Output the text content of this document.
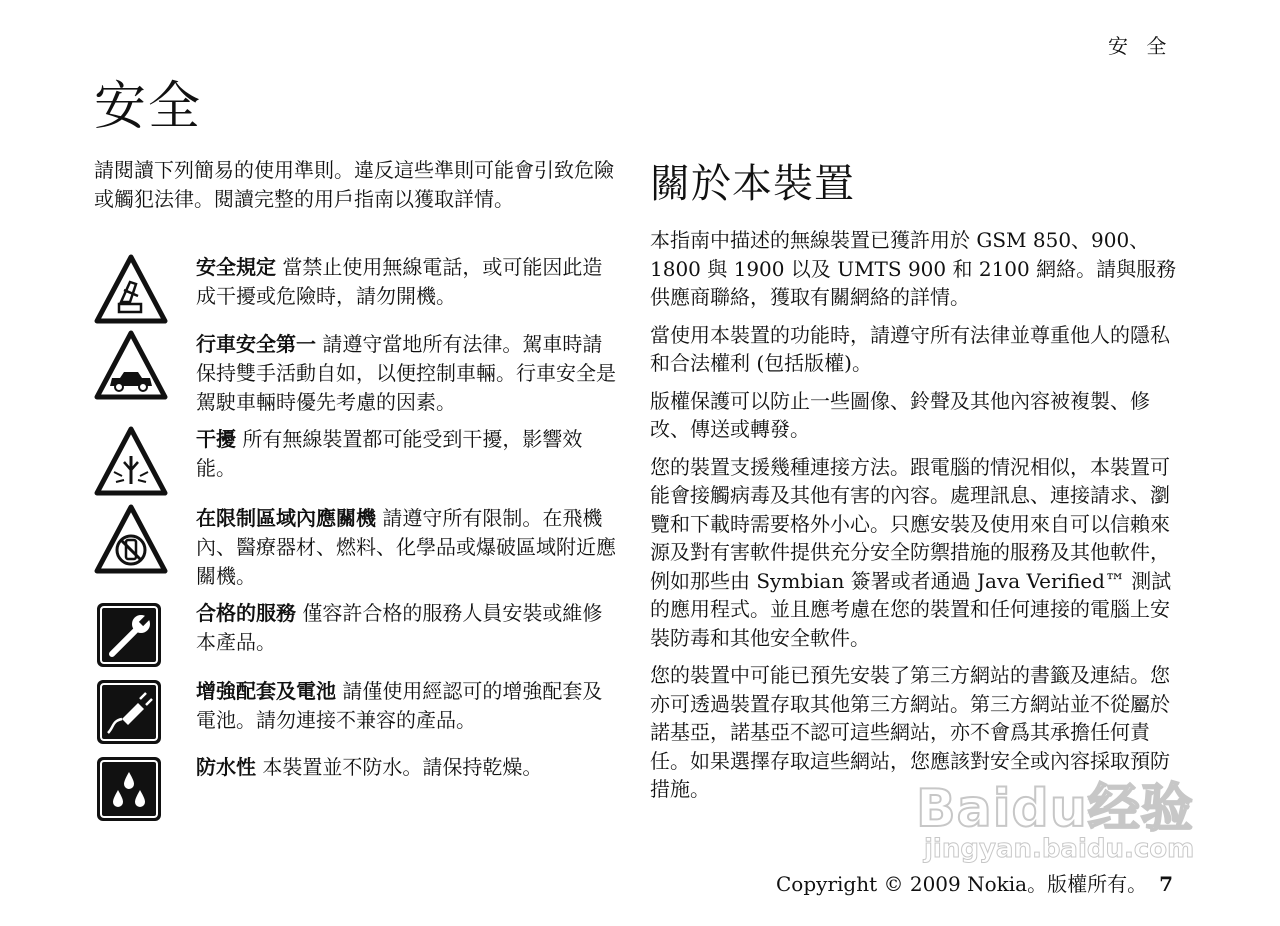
安 全
安全

請閱讀下列簡易的使用準則。違反這些準則可能會引致危險或觸犯法律。閱讀完整的用戶指南以獲取詳情。

安全規定 當禁止使用無線電話，或可能因此造成干擾或危險時，請勿開機。

行車安全第一 請遵守當地所有法律。駕車時請保持雙手活動自如，以便控制車輛。行車安全是駕駛車輛時優先考慮的因素。

干擾 所有無線裝置都可能受到干擾，影響效能。

在限制區域內應關機 請遵守所有限制。在飛機內、醫療器材、燃料、化學品或爆破區域附近應關機。

合格的服務 僅容許合格的服務人員安裝或維修本產品。

增強配套及電池 請僅使用經認可的增強配套及電池。請勿連接不兼容的產品。

防水性 本裝置並不防水。請保持乾燥。

關於本裝置

本指南中描述的無線裝置已獲許用於 GSM 850、900、1800 與 1900 以及 UMTS 900 和 2100 網絡。請與服務供應商聯絡，獲取有關網絡的詳情。

當使用本裝置的功能時，請遵守所有法律並尊重他人的隱私和合法權利 (包括版權)。

版權保護可以防止一些圖像、鈴聲及其他內容被複製、修改、傳送或轉發。

您的裝置支援幾種連接方法。跟電腦的情況相似，本裝置可能會接觸病毒及其他有害的內容。處理訊息、連接請求、瀏覽和下載時需要格外小心。只應安裝及使用來自可以信賴來源及對有害軟件提供充分安全防禦措施的服務及其他軟件，例如那些由 Symbian 簽署或者通過 Java Verified™ 測試的應用程式。並且應考慮在您的裝置和任何連接的電腦上安裝防毒和其他安全軟件。

您的裝置中可能已預先安裝了第三方網站的書籤及連結。您亦可透過裝置存取其他第三方網站。第三方網站並不從屬於諾基亞，諾基亞不認可這些網站，亦不會爲其承擔任何責任。如果選擇存取這些網站，您應該對安全或內容採取預防措施。	Baidu经验
jingyan.baidu.com
Copyright © 2009 Nokia。版權所有。 7
